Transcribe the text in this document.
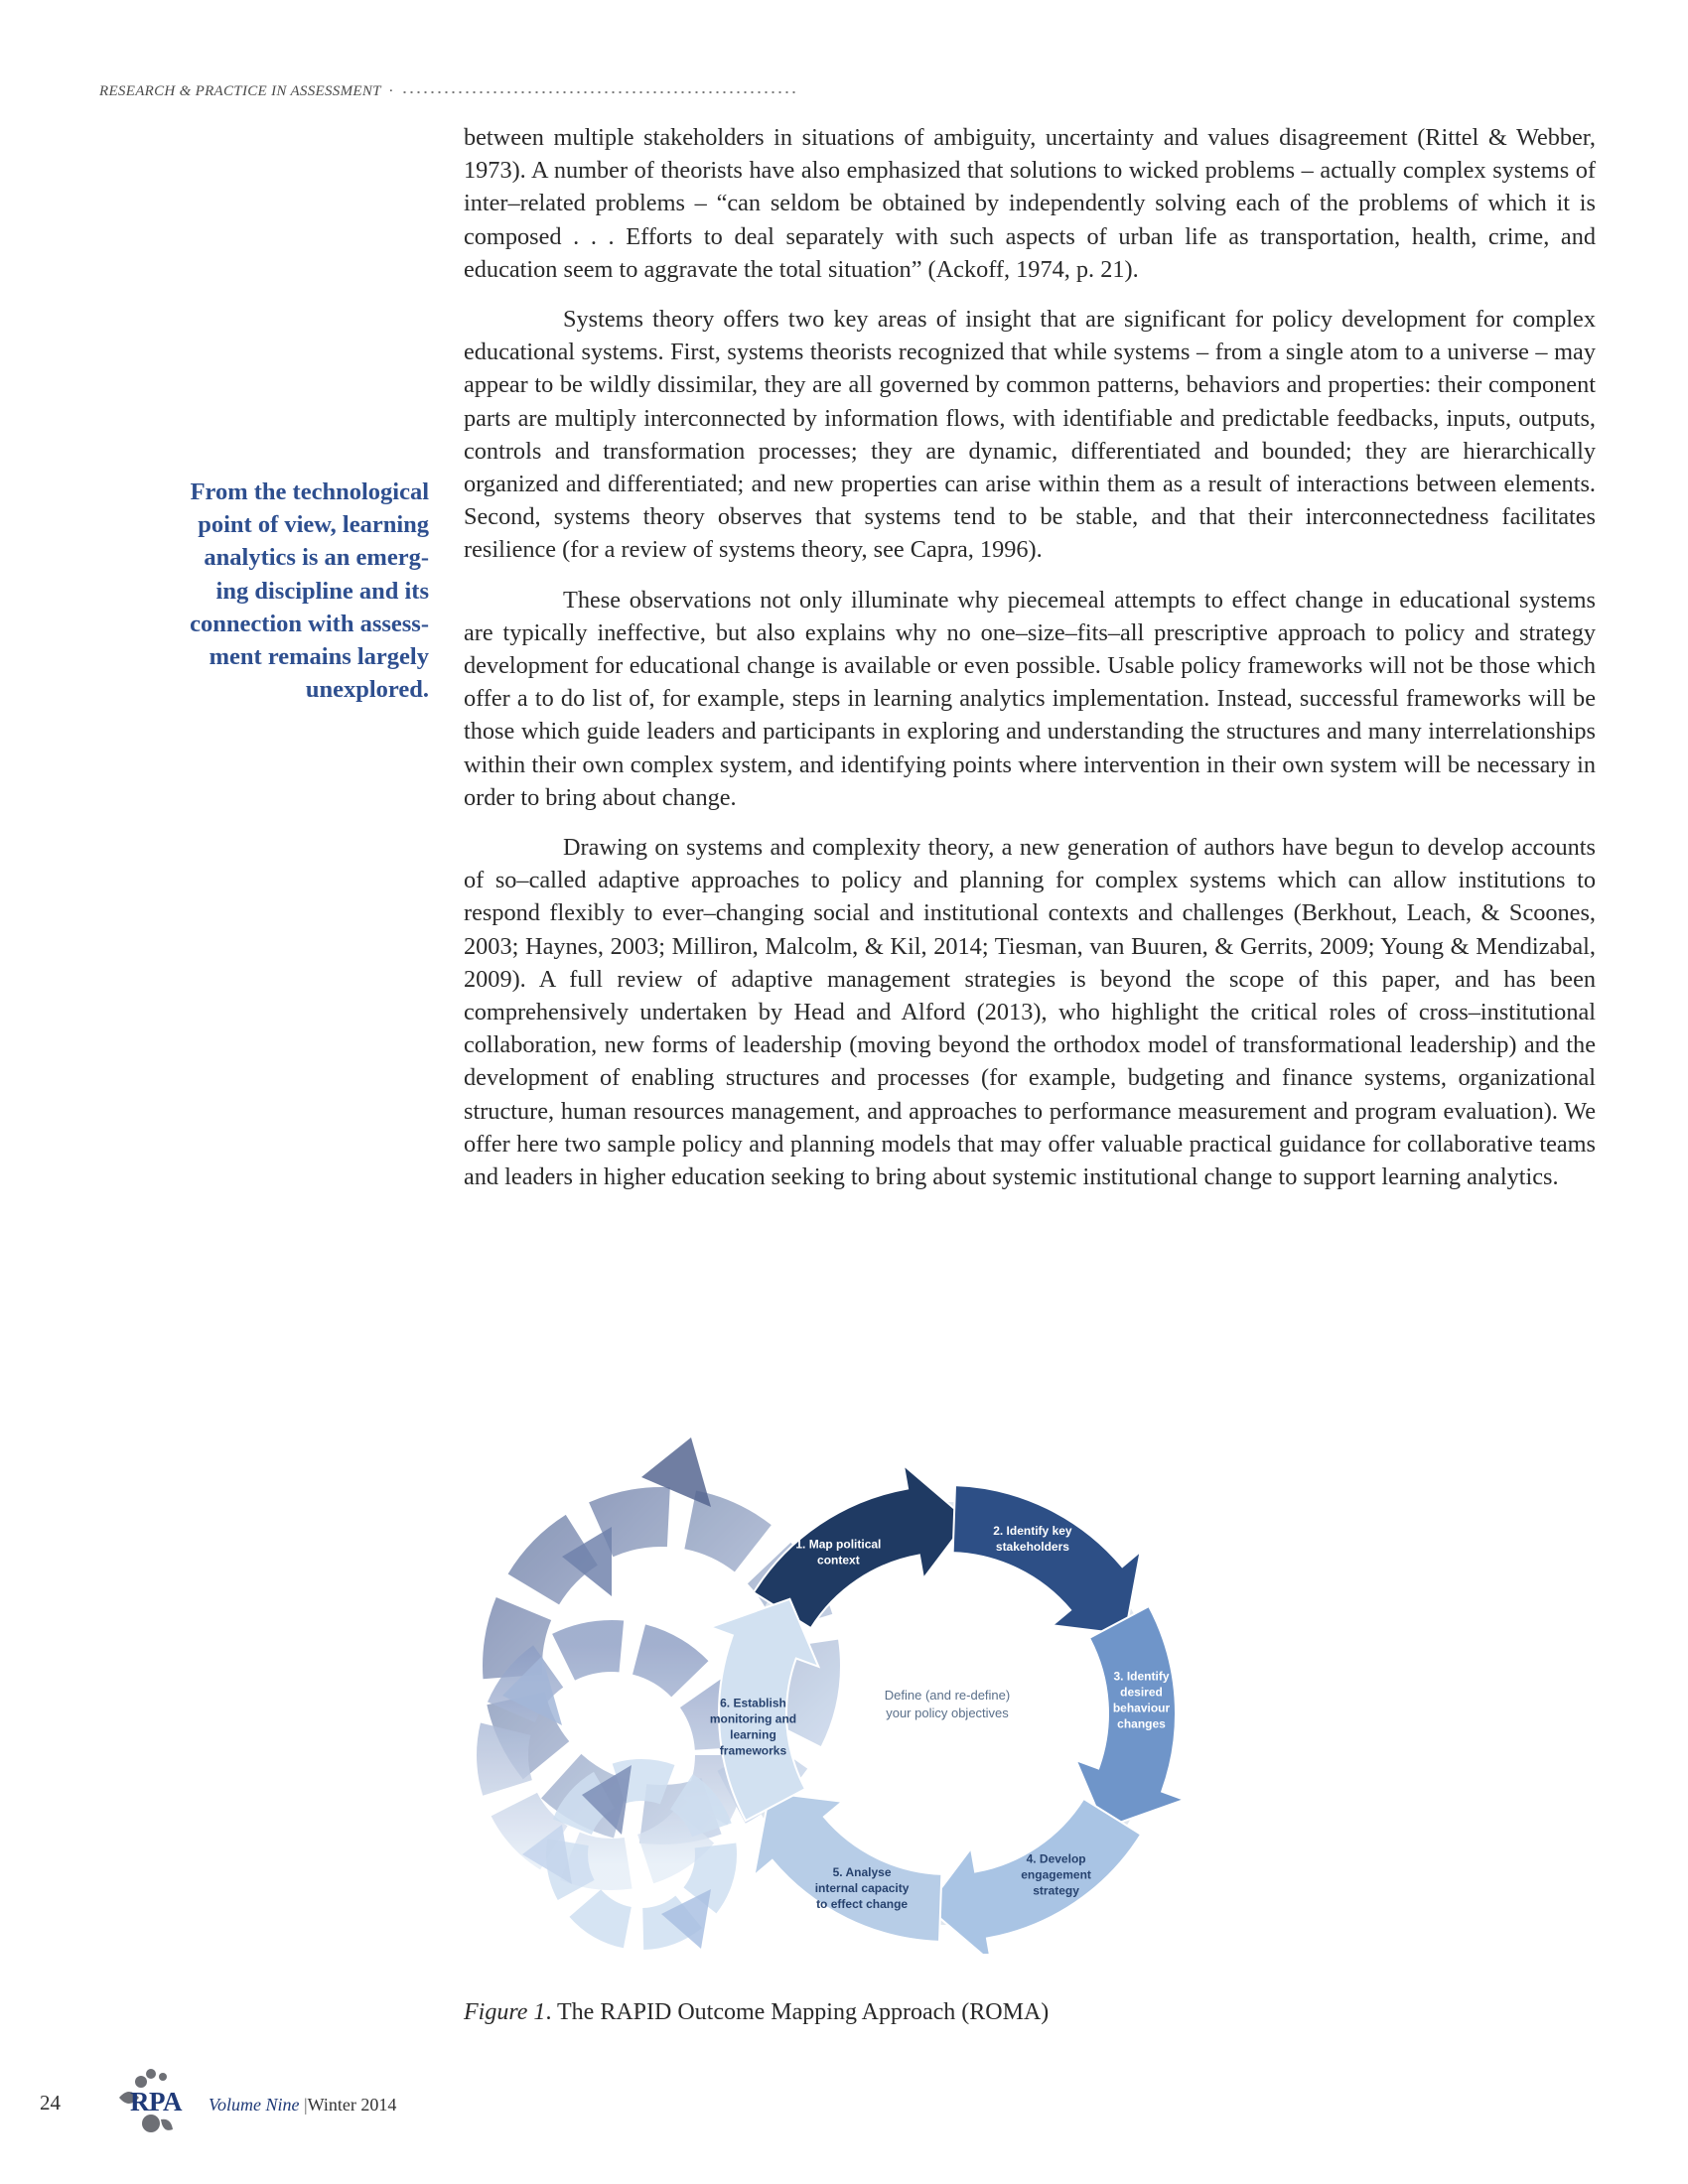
RESEARCH & PRACTICE IN ASSESSMENT ·
From the technological
point of view, learning
analytics is an emerg-
ing discipline and its
connection with assess-
ment remains largely
unexplored.

between multiple stakeholders in situations of ambiguity, uncertainty and values disagreement (Rittel & Webber, 1973). A number of theorists have also emphasized that solutions to wicked problems – actually complex systems of inter–related problems – “can seldom be obtained by independently solving each of the problems of which it is composed . . . Efforts to deal separately with such aspects of urban life as transportation, health, crime, and education seem to aggravate the total situation” (Ackoff, 1974, p. 21).

Systems theory offers two key areas of insight that are significant for policy development for complex educational systems. First, systems theorists recognized that while systems – from a single atom to a universe – may appear to be wildly dissimilar, they are all governed by common patterns, behaviors and properties: their component parts are multiply interconnected by information flows, with identifiable and predictable feedbacks, inputs, outputs, controls and transformation processes; they are dynamic, differentiated and bounded; they are hierarchically organized and differentiated; and new properties can arise within them as a result of interactions between elements. Second, systems theory observes that systems tend to be stable, and that their interconnectedness facilitates resilience (for a review of systems theory, see Capra, 1996).

These observations not only illuminate why piecemeal attempts to effect change in educational systems are typically ineffective, but also explains why no one–size–fits–all prescriptive approach to policy and strategy development for educational change is available or even possible. Usable policy frameworks will not be those which offer a to do list of, for example, steps in learning analytics implementation. Instead, successful frameworks will be those which guide leaders and participants in exploring and understanding the structures and many interrelationships within their own complex system, and identifying points where intervention in their own system will be necessary in order to bring about change.

Drawing on systems and complexity theory, a new generation of authors have begun to develop accounts of so–called adaptive approaches to policy and planning for complex systems which can allow institutions to respond flexibly to ever–changing social and institutional contexts and challenges (Berkhout, Leach, & Scoones, 2003; Haynes, 2003; Milliron, Malcolm, & Kil, 2014; Tiesman, van Buuren, & Gerrits, 2009; Young & Mendizabal, 2009). A full review of adaptive management strategies is beyond the scope of this paper, and has been comprehensively undertaken by Head and Alford (2013), who highlight the critical roles of cross–institutional collaboration, new forms of leadership (moving beyond the orthodox model of transformational leadership) and the development of enabling structures and processes (for example, budgeting and finance systems, organizational structure, human resources management, and approaches to performance measurement and program evaluation). We offer here two sample policy and planning models that may offer valuable practical guidance for collaborative teams and leaders in higher education seeking to bring about systemic institutional change to support learning analytics.

Define (and re-define)
your policy objectives
1. Map political
context
2. Identify key
stakeholders
3. Identify
desired
behaviour
changes
4. Develop
engagement
strategy
5. Analyse
internal capacity
to effect change
6. Establish
monitoring and
learning
frameworks
Figure 1. The RAPID Outcome Mapping Approach (ROMA)
24	RPA Volume Nine |Winter 2014
